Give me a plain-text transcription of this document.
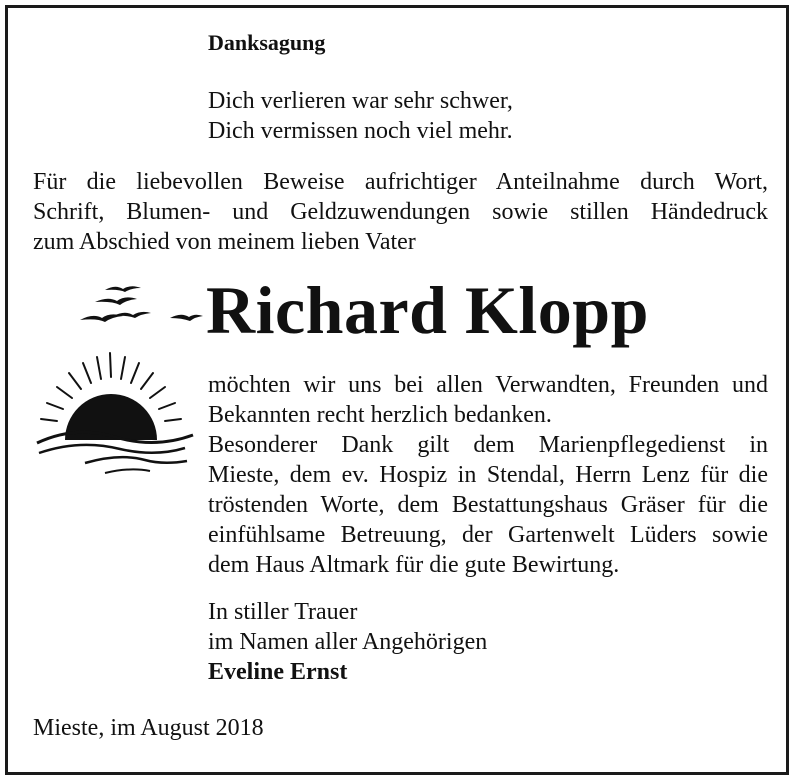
Danksagung
Dich verlieren war sehr schwer,
Dich vermissen noch viel mehr.
Für die liebevollen Beweise aufrichtiger Anteilnahme durch Wort,
Schrift, Blumen- und Geldzuwendungen sowie stillen Händedruck
zum Abschied von meinem lieben Vater
Richard Klopp
möchten wir uns bei allen Verwandten, Freunden und
Bekannten recht herzlich bedanken.
Besonderer Dank gilt dem Marienpflegedienst in
Mieste, dem ev. Hospiz in Stendal, Herrn Lenz für die
tröstenden Worte, dem Bestattungshaus Gräser für die
einfühlsame Betreuung, der Gartenwelt Lüders sowie
dem Haus Altmark für die gute Bewirtung.
In stiller Trauer
im Namen aller Angehörigen
Eveline Ernst
Mieste, im August 2018
